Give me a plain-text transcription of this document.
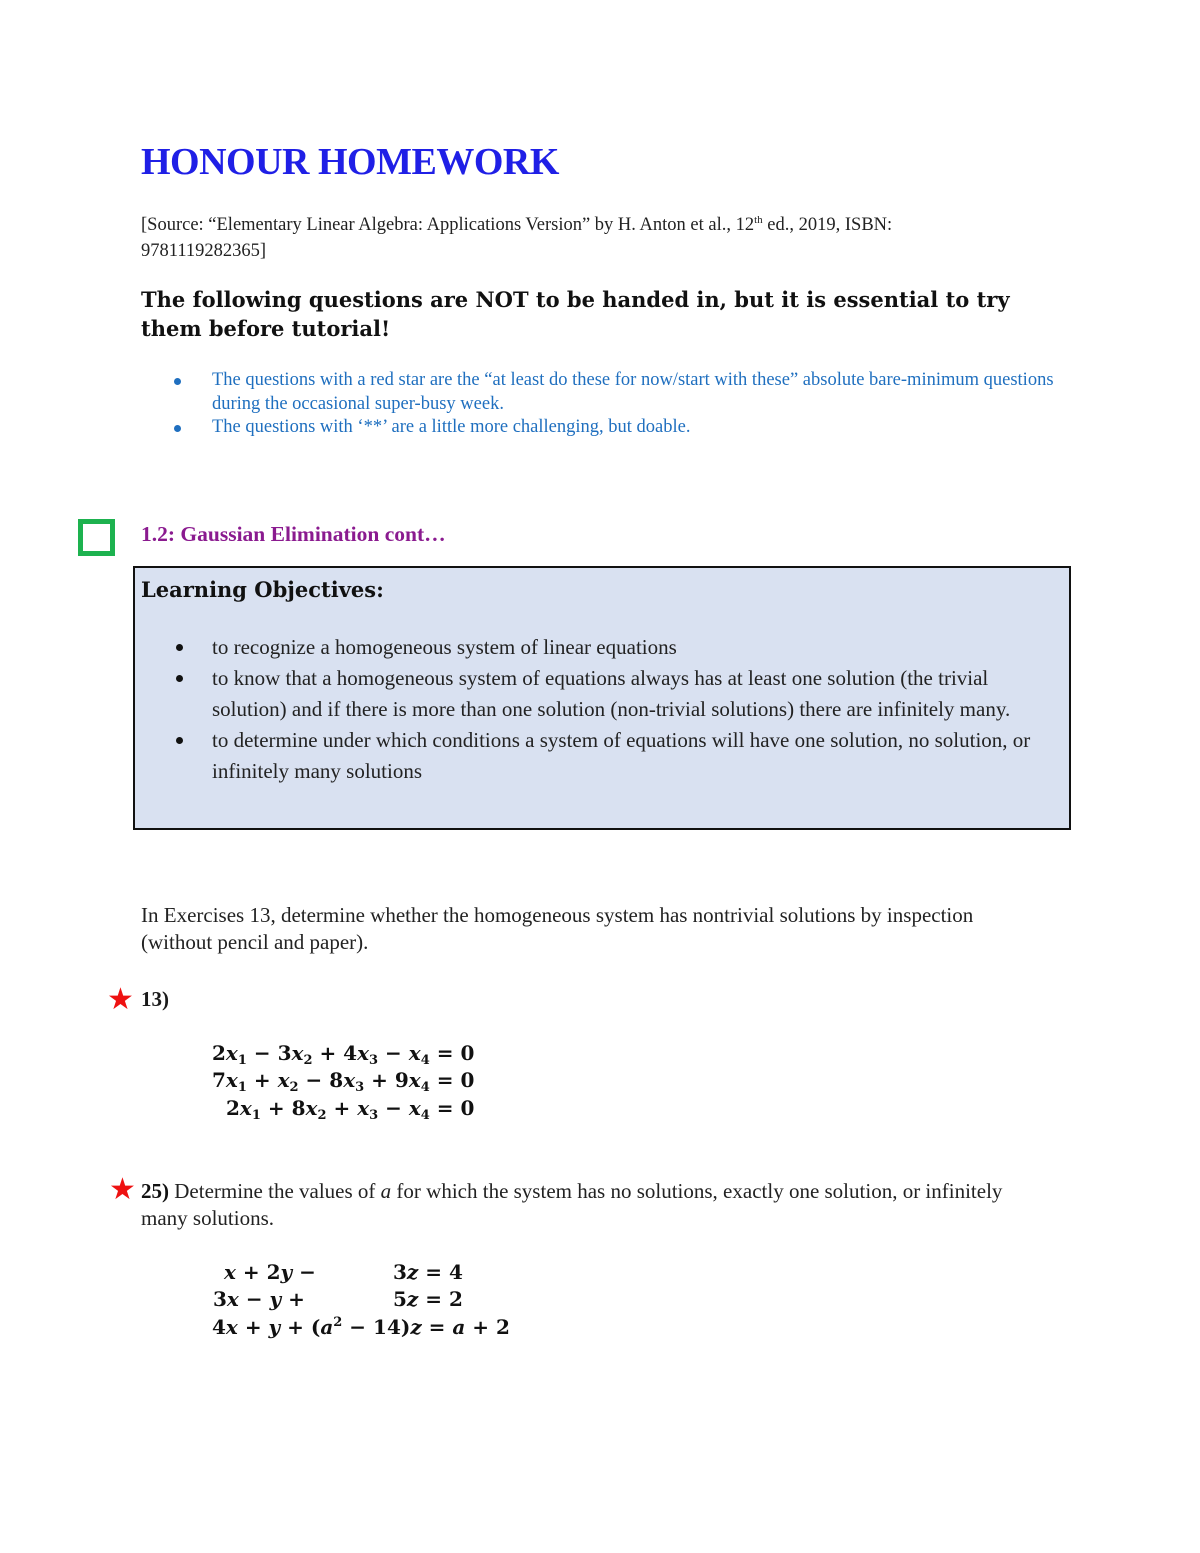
HONOUR HOMEWORK
[Source: “Elementary Linear Algebra: Applications Version” by H. Anton et al., 12th ed., 2019, ISBN: 9781119282365]
The following questions are NOT to be handed in, but it is essential to try them before tutorial!
The questions with a red star are the “at least do these for now/start with these” absolute bare-minimum questions during the occasional super-busy week.
The questions with ‘**’ are a little more challenging, but doable.
1.2: Gaussian Elimination cont…
Learning Objectives:
to recognize a homogeneous system of linear equations
to know that a homogeneous system of equations always has at least one solution (the trivial solution) and if there is more than one solution (non-trivial solutions) there are infinitely many.
to determine under which conditions a system of equations will have one solution, no solution, or infinitely many solutions
In Exercises 13, determine whether the homogeneous system has nontrivial solutions by inspection (without pencil and paper).
★ 13)
$2x_1 - 3x_2 + 4x_3 - x_4 = 0$
$7x_1 + x_2 - 8x_3 + 9x_4 = 0$
$2x_1 + 8x_2 + x_3 - x_4 = 0$
★ 25) Determine the values of a for which the system has no solutions, exactly one solution, or infinitely many solutions.
x + 2y −	3z = 4
3x − y +	5z = 2
$4x + y + (a^2 - 14)z = a + 2$
